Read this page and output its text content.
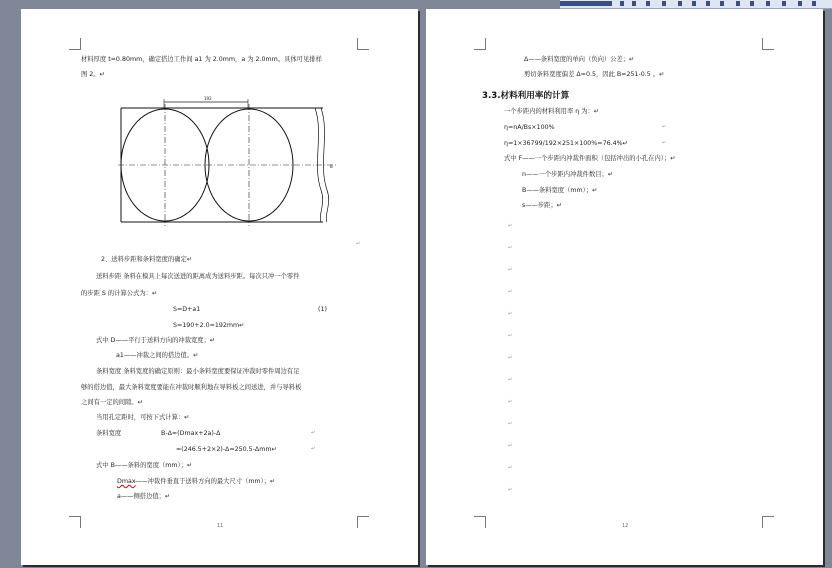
材料厚度 t=0.80mm，确定搭边工作间 a1 为 2.0mm，a 为 2.0mm。具体可见排样
图 2。↵
192
B
↵
2、送料步距和条料宽度的确定↵
送料步距 条料在模具上每次送进的距离成为送料步距。每次只冲一个零件
的步距 S 的计算公式为：↵
S=D+a1	(1)
S=190+2.0=192mm↵
式中 D——平行于送料方向的冲裁宽度；↵
a1——冲裁之间的搭边值。↵
条料宽度 条料宽度的确定原则：最小条料宽度要保证冲裁时零件周边有足
够的搭边值，最大条料宽度要能在冲裁时顺利地在导料板之间送进，并与导料板
之间有一定的间隙。↵
当用孔定距时，可按下式计算：↵
条料宽度	B-Δ=(Dmax+2a)-Δ
=(246.5+2×2)-Δ=250.5-Δmm↵
式中 B——条料的宽度（mm）；↵
Dmax ——冲裁件垂直于送料方向的最大尺寸（mm）；↵
a——侧搭边值；↵
↵
↵
11
Δ——条料宽度的单向（负向）公差；↵
剪切条料宽度偏差 Δ=0.5，因此 B=251-0.5 。↵
3.3.材料利用率的计算
一个步距内的材料利用率 η 为：↵
η=nA/Bs×100%
η=1×36799/192×251×100%=76.4%↵
式中 F——一个步距内冲裁件面积（包括冲出的小孔在内）；↵
n——一个步距内冲裁件数目；↵
B——条料宽度（mm）；↵
s——步距；↵
↵
↵
↵
↵
↵
↵
↵
↵
↵
↵
↵
↵
↵
↵
↵
12
